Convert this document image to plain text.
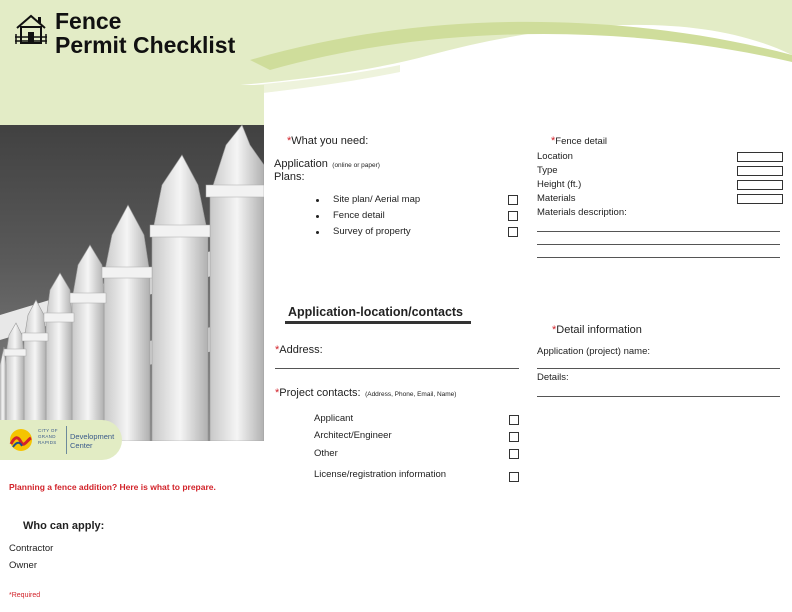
Fence
Permit Checklist
CITY OF
GRAND
RAPIDS
Development
Center
Planning a fence addition? Here is what to prepare.
Who can apply:
Contractor
Owner
*Required
*What you need:
Application (online or paper)
Plans:
Site plan/ Aerial map
Fence detail
Survey of property
*Fence detail
Location
Type
Height (ft.)
Materials
Materials description:
Application-location/contacts
*Address:
*Project contacts: (Address, Phone, Email, Name)
Applicant
Architect/Engineer
Other
License/registration information
*Detail information
Application (project) name:
Details:
